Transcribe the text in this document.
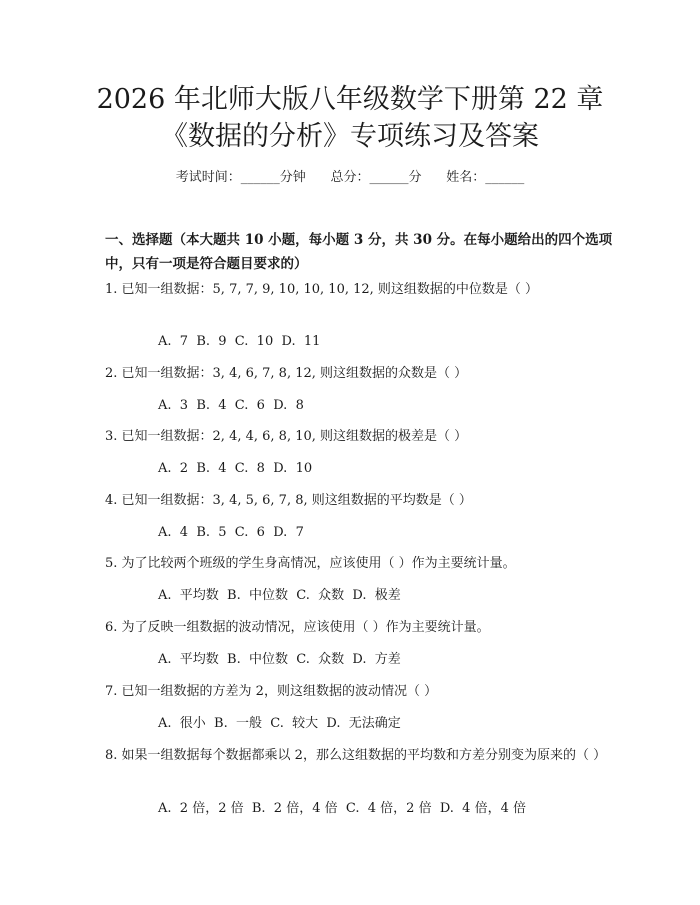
2026 年北师大版八年级数学下册第 22 章
《数据的分析》专项练习及答案
考试时间：______分钟      总分：______分      姓名：______
一、选择题（本大题共 10 小题，每小题 3 分，共 30 分。在每小题给出的四个选项中，只有一项是符合题目要求的）
1. 已知一组数据：5, 7, 7, 9, 10, 10, 10, 12, 则这组数据的中位数是（ ）
A.  7  B.  9  C.  10  D.  11
2. 已知一组数据：3, 4, 6, 7, 8, 12, 则这组数据的众数是（ ）
A.  3  B.  4  C.  6  D.  8
3. 已知一组数据：2, 4, 4, 6, 8, 10, 则这组数据的极差是（ ）
A.  2  B.  4  C.  8  D.  10
4. 已知一组数据：3, 4, 5, 6, 7, 8, 则这组数据的平均数是（ ）
A.  4  B.  5  C.  6  D.  7
5. 为了比较两个班级的学生身高情况，应该使用（ ）作为主要统计量。
A.  平均数  B.  中位数  C.  众数  D.  极差
6. 为了反映一组数据的波动情况，应该使用（ ）作为主要统计量。
A.  平均数  B.  中位数  C.  众数  D.  方差
7. 已知一组数据的方差为 2，则这组数据的波动情况（ ）
A.  很小  B.  一般  C.  较大  D.  无法确定
8. 如果一组数据每个数据都乘以 2，那么这组数据的平均数和方差分别变为原来的（ ）
A.  2 倍，2 倍  B.  2 倍，4 倍  C.  4 倍，2 倍  D.  4 倍，4 倍
